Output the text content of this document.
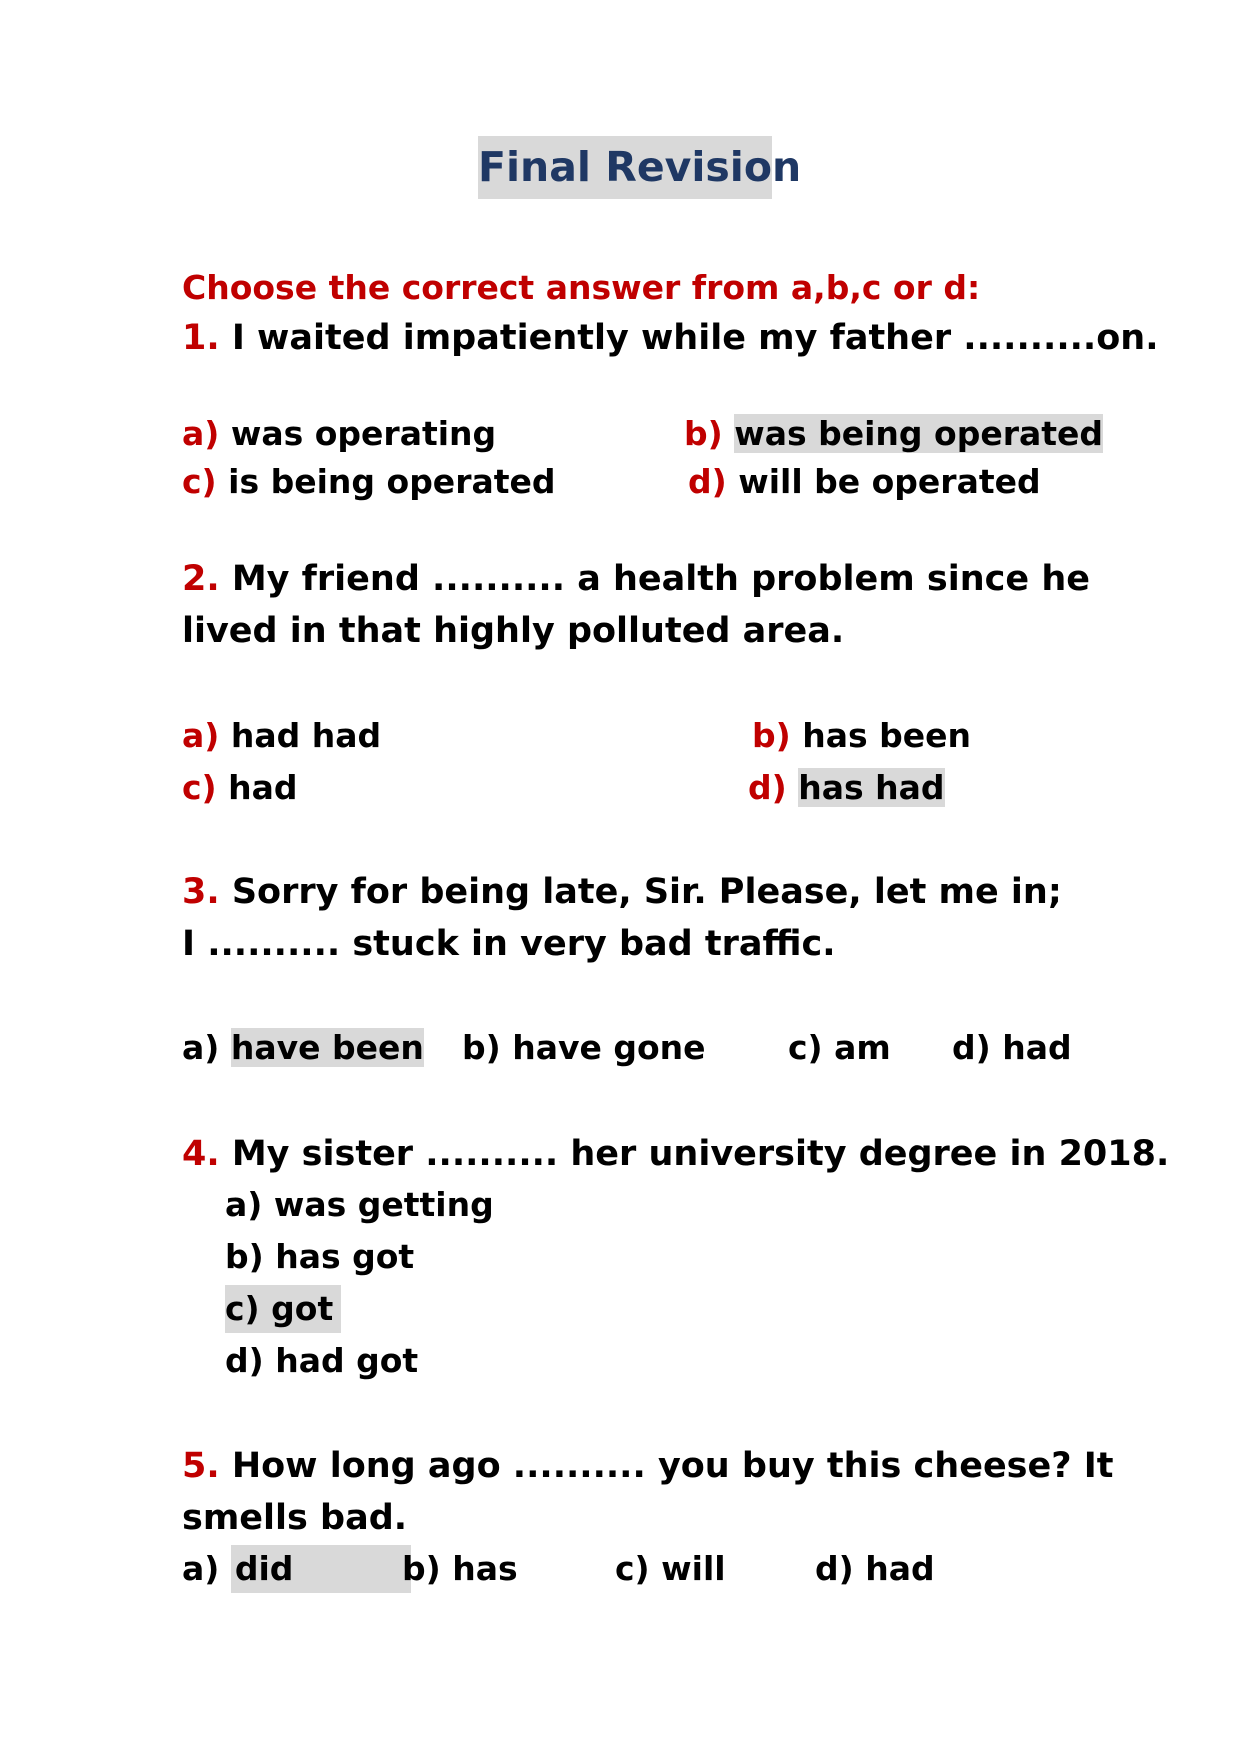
Final Revision
Choose the correct answer from a,b,c or d:
1. I waited impatiently while my father ..........on.
a) was operating	b) was being operated
c) is being operated	d) will be operated
2. My friend .......... a health problem since he
lived in that highly polluted area.
a) had had	b) has been
c) had	d) has had
3. Sorry for being late, Sir. Please, let me in;
I .......... stuck in very bad traffic.
a) have been b) have gone c) am d) had
4. My sister .......... her university degree in 2018.
a) was getting
b) has got
c) got
d) had got
5. How long ago .......... you buy this cheese? It
smells bad.
a) did	b) has	c) will	d) had
